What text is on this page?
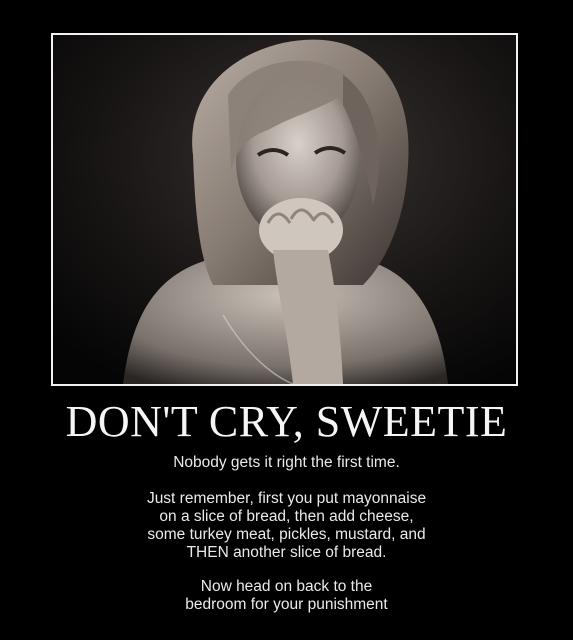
DON'T CRY, SWEETIE
Nobody gets it right the first time.
Just remember, first you put mayonnaise
on a slice of bread, then add cheese,
some turkey meat, pickles, mustard, and
THEN another slice of bread.
Now head on back to the
bedroom for your punishment
